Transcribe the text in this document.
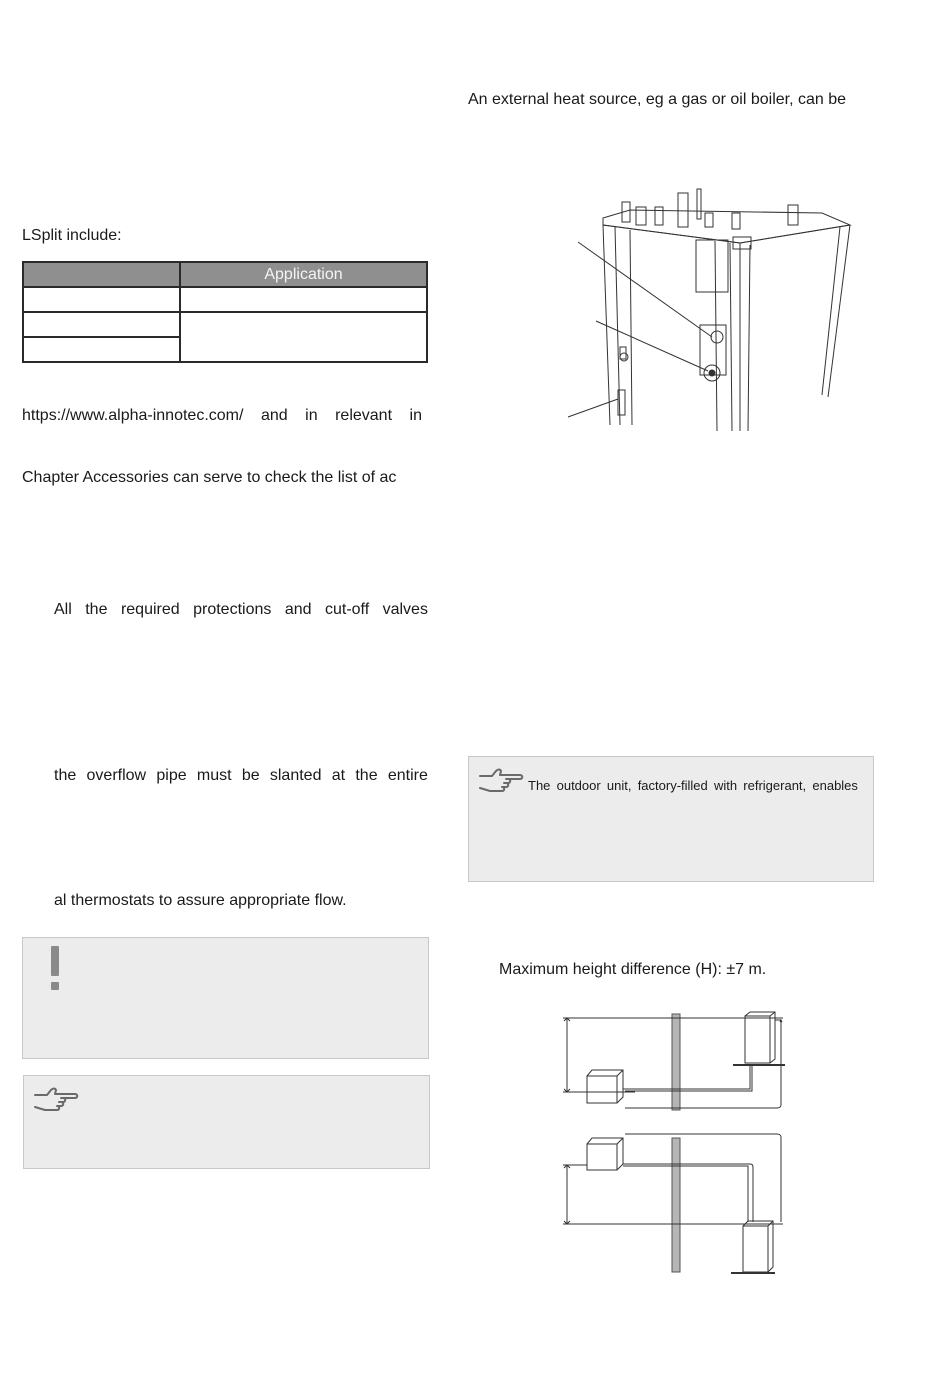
LSplit include:
	Application

https://www.alpha-innotec.com/ and in relevant in
Chapter Accessories can serve to check the list of ac
All the required protections and cut-off valves
the overflow pipe must be slanted at the entire
al thermostats to assure appropriate flow.
An external heat source, eg a gas or oil boiler, can be
The outdoor unit, factory-filled with refrigerant, enables
Maximum height difference (H): ±7 m.
